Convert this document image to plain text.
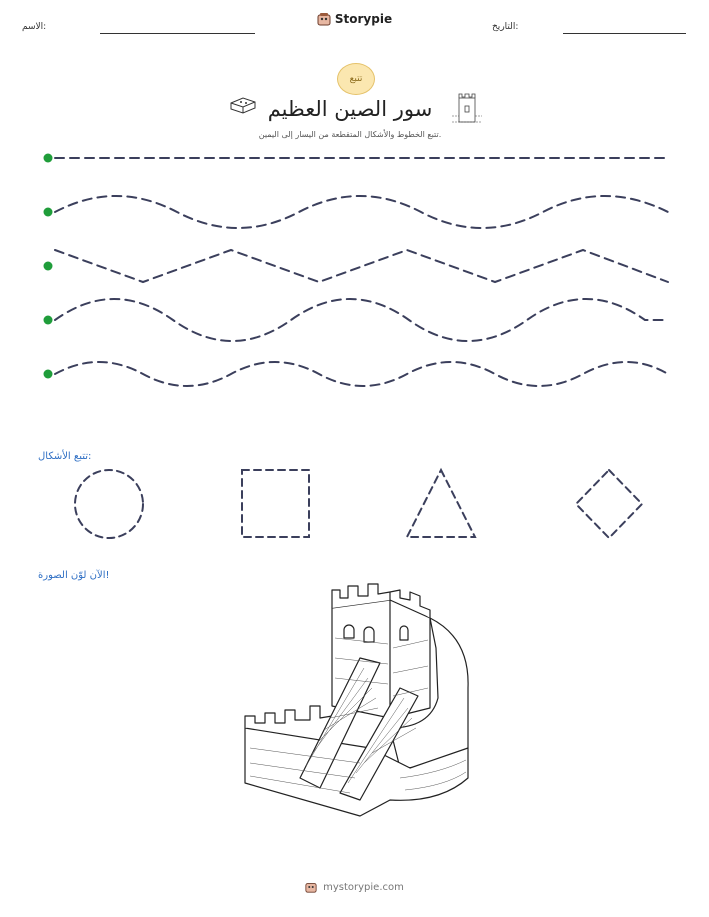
الاسم:
Storypie
التاريخ:
تتبع
سور الصين العظيم
تتبع الخطوط والأشكال المتقطعة من اليسار إلى اليمين.
تتبع الأشكال:
الآن لوّن الصورة!
mystorypie.com
